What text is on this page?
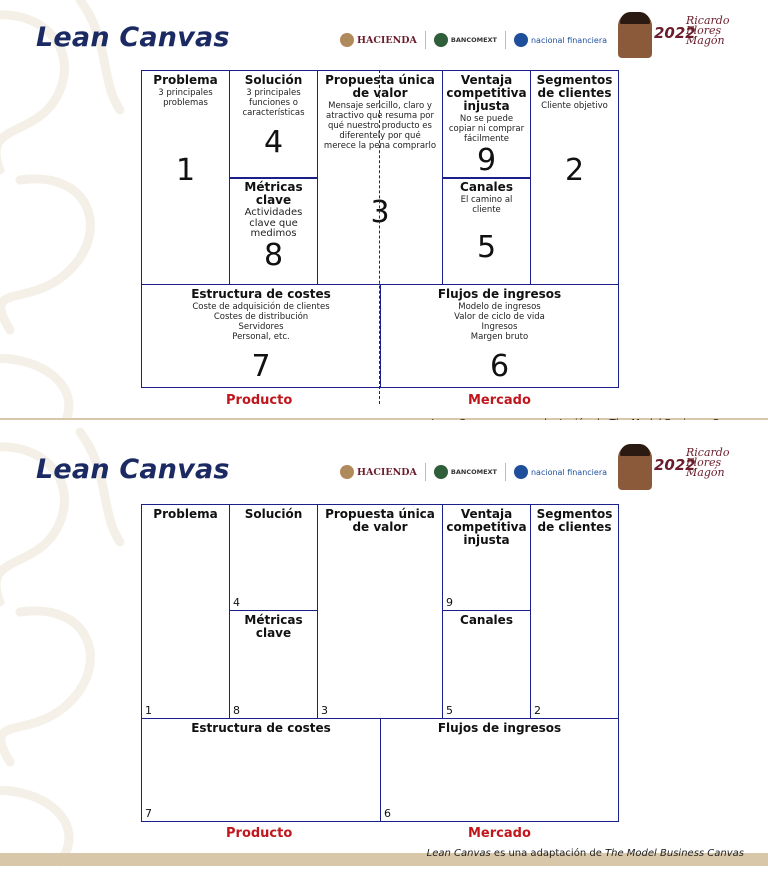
Lean Canvas	HACIENDA	BANCOMEXT	nacional financiera	2022
Ricardo Flores Magón
Problema
3 principales problemas
1
Solución
3 principales funciones o características
4
Métricas clave
Actividades clave que medimos
8
Propuesta única de valor
Mensaje sencillo, claro y atractivo que resuma por qué nuestro producto es diferentely por qué merece la pena comprarlo
3
Ventaja competitiva injusta
No se puede copiar ni comprar fácilmente
9
Canales
El camino al cliente
5
Segmentos de clientes
Cliente objetivo
2
Estructura de costes
Coste de adquisición de clientes
Costes de distribución
Servidores
Personal, etc.
7
Flujos de ingresos
Modelo de ingresos
Valor de ciclo de vida
Ingresos
Margen bruto
6
Producto	Mercado
Lean Canvas	HACIENDA	BANCOMEXT	nacional financiera	2022
Ricardo Flores Magón
Problema
1
Solución
4
Métricas clave
8
Propuesta única de valor
3
Ventaja competitiva injusta
9
Canales
5
Segmentos de clientes
2
Estructura de costes
7
Flujos de ingresos
6
Producto	Mercado
Lean Canvas es una adaptación de The Model Business Canvas
